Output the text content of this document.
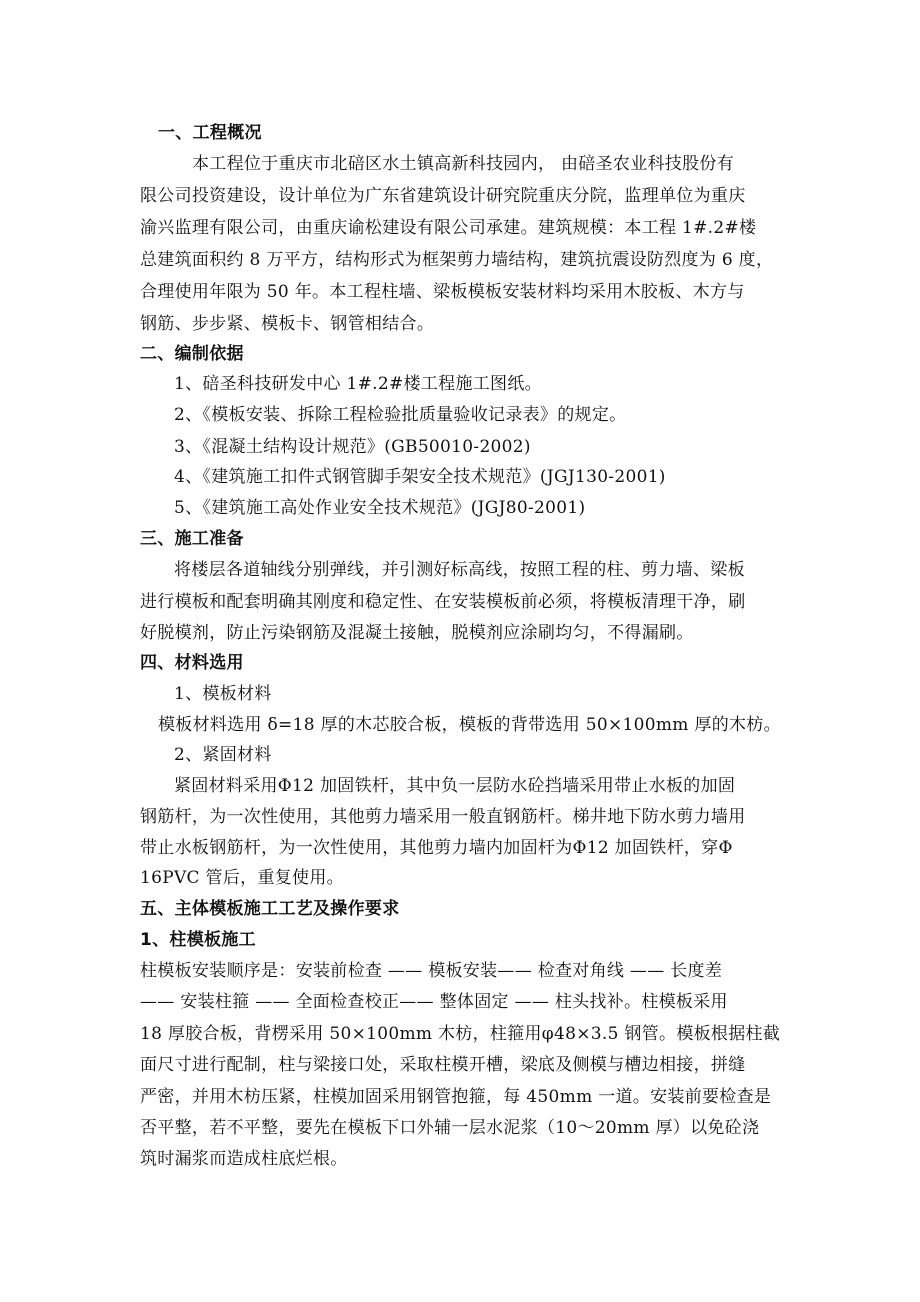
一、工程概况
本工程位于重庆市北碚区水土镇高新科技园内， 由碚圣农业科技股份有
限公司投资建设，设计单位为广东省建筑设计研究院重庆分院，监理单位为重庆
渝兴监理有限公司，由重庆谕松建设有限公司承建。建筑规模：本工程 1#.2#楼
总建筑面积约 8 万平方，结构形式为框架剪力墙结构，建筑抗震设防烈度为 6 度，
合理使用年限为 50 年。本工程柱墙、梁板模板安装材料均采用木胶板、木方与
钢筋、步步紧、模板卡、钢管相结合。
二、编制依据
1、碚圣科技研发中心 1#.2#楼工程施工图纸。
2、《模板安装、拆除工程检验批质量验收记录表》的规定。
3、《混凝土结构设计规范》(GB50010-2002)
4、《建筑施工扣件式钢管脚手架安全技术规范》(JGJ130-2001)
5、《建筑施工高处作业安全技术规范》(JGJ80-2001)
三、施工准备
将楼层各道轴线分别弹线，并引测好标高线，按照工程的柱、剪力墙、梁板
进行模板和配套明确其刚度和稳定性、在安装模板前必须，将模板清理干净，刷
好脱模剂，防止污染钢筋及混凝土接触，脱模剂应涂刷均匀，不得漏刷。
四、材料选用
1、模板材料
模板材料选用 δ=18 厚的木芯胶合板，模板的背带选用 50×100mm 厚的木枋。
2、紧固材料
紧固材料采用Φ12 加固铁杆，其中负一层防水砼挡墙采用带止水板的加固
钢筋杆，为一次性使用，其他剪力墙采用一般直钢筋杆。梯井地下防水剪力墙用
带止水板钢筋杆，为一次性使用，其他剪力墙内加固杆为Φ12 加固铁杆，穿Φ
16PVC 管后，重复使用。
五、主体模板施工工艺及操作要求
1、柱模板施工
柱模板安装顺序是：安装前检查 —— 模板安装—— 检查对角线 —— 长度差
—— 安装柱箍 —— 全面检查校正—— 整体固定 —— 柱头找补。柱模板采用
18 厚胶合板，背楞采用 50×100mm 木枋，柱箍用φ48×3.5 钢管。模板根据柱截
面尺寸进行配制，柱与梁接口处，采取柱模开槽，梁底及侧模与槽边相接，拼缝
严密，并用木枋压紧，柱模加固采用钢管抱箍，每 450mm 一道。安装前要检查是
否平整，若不平整，要先在模板下口外辅一层水泥浆（10～20mm 厚）以免砼浇
筑时漏浆而造成柱底烂根。
